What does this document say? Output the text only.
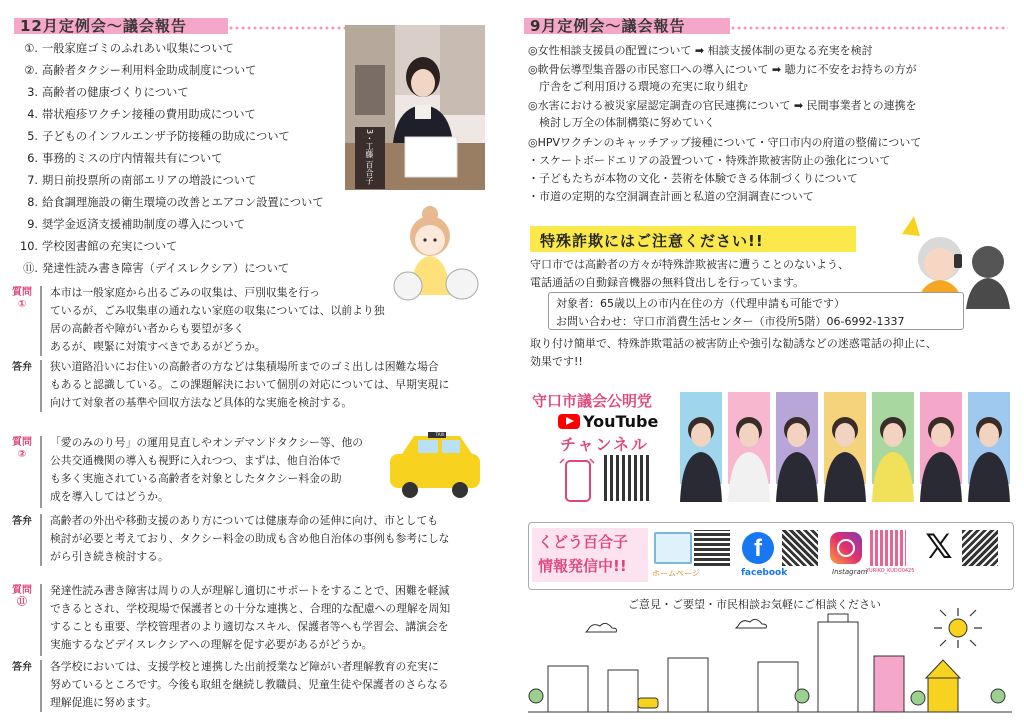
12月定例会～議会報告
①. 一般家庭ゴミのふれあい収集について
②. 高齢者タクシー利用料金助成制度について
3. 高齢者の健康づくりについて
4. 帯状疱疹ワクチン接種の費用助成について
5. 子どものインフルエンザ予防接種の助成について
6. 事務的ミスの庁内情報共有について
7. 期日前投票所の南部エリアの増設について
8. 給食調理施設の衛生環境の改善とエアコン設置について
9. 奨学金返済支援補助制度の導入について
10. 学校図書館の充実について
⑪. 発達性読み書き障害（デイスレクシア）について
3・工藤 百合子
質問
①
本市は一般家庭から出るごみの収集は、戸別収集を行っ
ているが、ごみ収集車の通れない家庭の収集については、以前より独居の高齢者や障がい者からも要望が多く
あるが、喫緊に対策すべきであるがどうか。
答弁	狭い道路沿いにお住いの高齢者の方などは集積場所までのゴミ出しは困難な場合
もあると認識している。この課題解決において個別の対応については、早期実現に
向けて対象者の基準や回収方法など具体的な実施を検討する。
TAXI
質問
②
「愛のみのり号」の運用見直しやオンデマンドタクシー等、他の
公共交通機関の導入も視野に入れつつ、まずは、他自治体で
も多く実施されている高齢者を対象としたタクシー料金の助
成を導入してはどうか。
答弁	高齢者の外出や移動支援のあり方については健康寿命の延伸に向け、市としても
検討が必要と考えており、タクシー料金の助成も含め他自治体の事例も参考にしな
がら引き続き検討する。
質問
⑪
発達性読み書き障害は周りの人が理解し適切にサポートをすることで、困難を軽減
できるとされ、学校現場で保護者との十分な連携と、合理的な配慮への理解を周知
することも重要、学校管理者のより適切なスキル、保護者等へも学習会、講演会を
実施するなどデイスレクシアへの理解を促す必要があるがどうか。
答弁	各学校においては、支援学校と連携した出前授業など障がい者理解教育の充実に
努めているところです。今後も取組を継続し教職員、児童生徒や保護者のさらなる
理解促進に努めます。
9月定例会～議会報告
◎女性相談支援員の配置について ➡ 相談支援体制の更なる充実を検討
◎軟骨伝導型集音器の市民窓口への導入について ➡ 聴力に不安をお持ちの方が
　庁舎をご利用頂ける環境の充実に取り組む
◎水害における被災家屋認定調査の官民連携について ➡ 民間事業者との連携を
　検討し万全の体制構築に努めていく
◎HPVワクチンのキャッチアップ接種について・守口市内の府道の整備について
・スケートボードエリアの設置ついて・特殊詐欺被害防止の強化について
・子どもたちが本物の文化・芸術を体験できる体制づくりについて
・市道の定期的な空洞調査計画と私道の空洞調査について
特殊詐欺にはご注意ください!!
守口市では高齢者の方々が特殊詐欺被害に遭うことのないよう、
電話通話の自動録音機器の無料貸出しを行っています。
対象者：65歳以上の市内在住の方（代理申請も可能です）
お問い合わせ：守口市消費生活センター（市役所5階）06-6992-1337
取り付け簡単で、特殊詐欺電話の被害防止や強引な勧誘などの迷惑電話の抑止に、
効果です!!
守口市議会公明党
YouTube
チャンネル
くどう百合子
情報発信中!!	ホームページ
f
facebook	Instagram
YURIKO_KUDO0425
𝕏
ご意見・ご要望・市民相談お気軽にご相談ください
